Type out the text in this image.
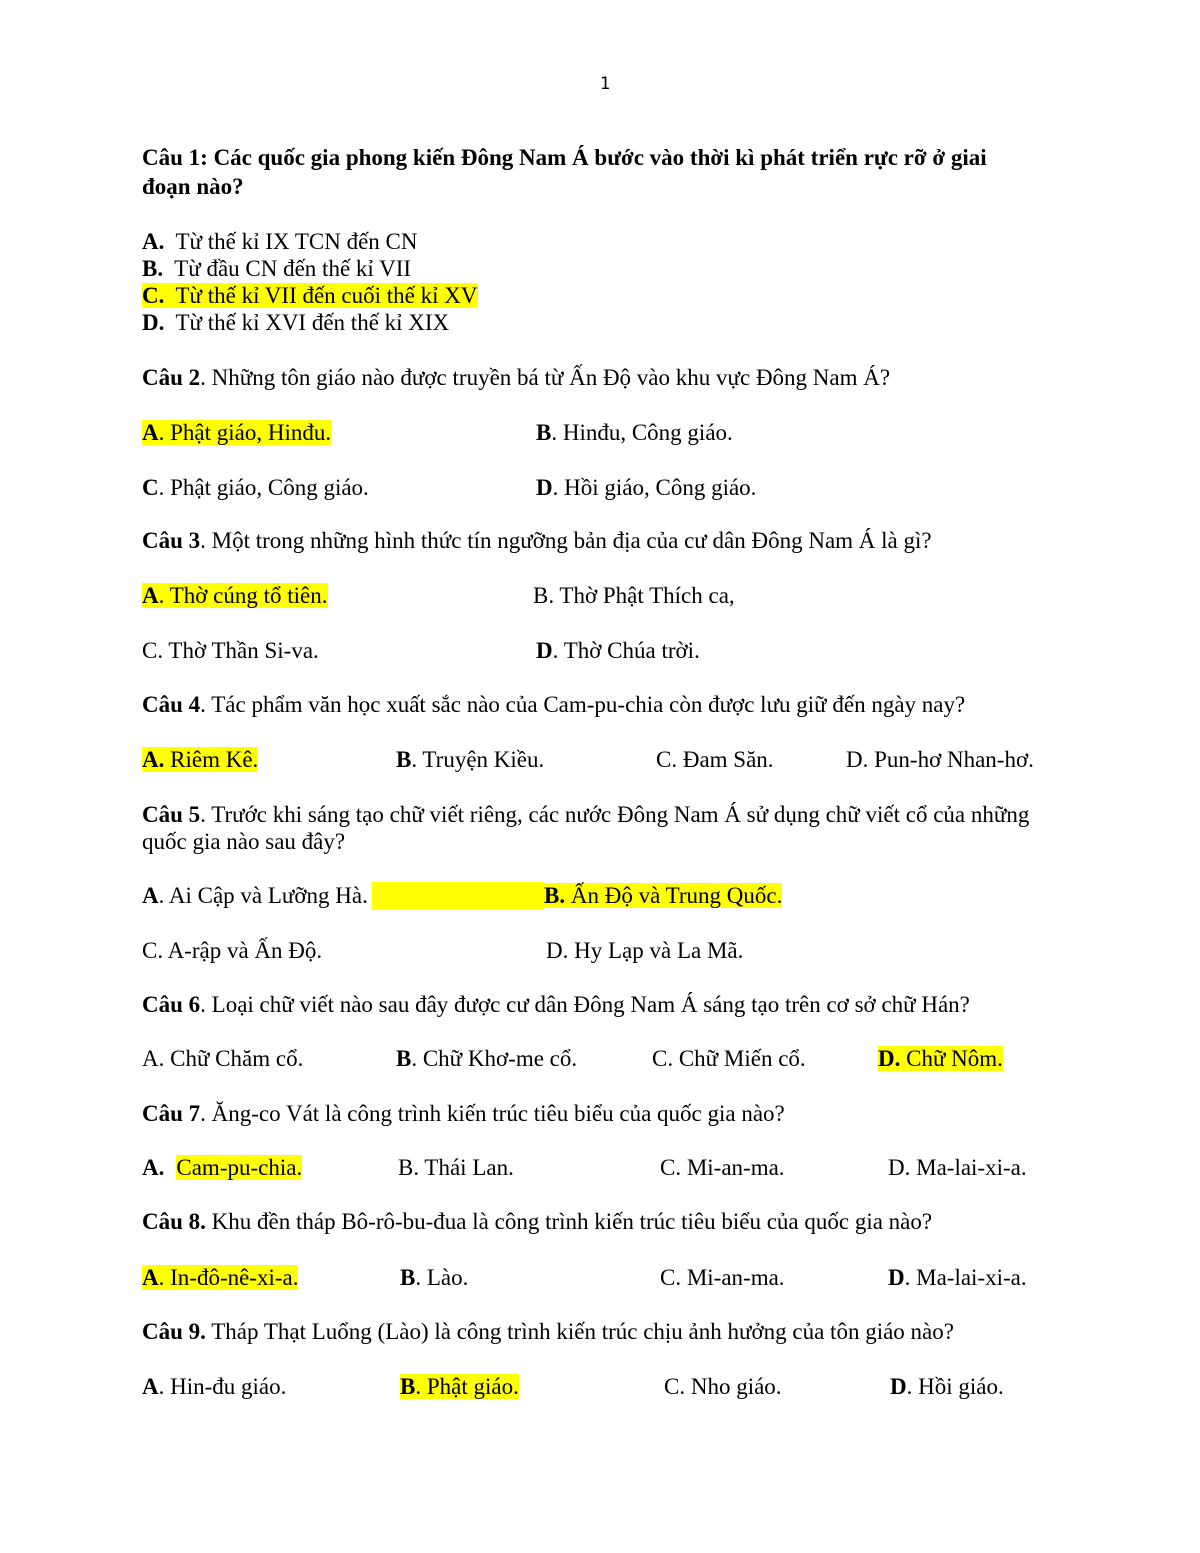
1
Câu 1: Các quốc gia phong kiến Đông Nam Á bước vào thời kì phát triển rực rỡ ở giai
đoạn nào?
A.  Từ thế kỉ IX TCN đến CN
B.  Từ đầu CN đến thế kỉ VII
C.  Từ thế kỉ VII đến cuối thế kỉ XV
D.  Từ thế kỉ XVI đến thế kỉ XIX
Câu 2. Những tôn giáo nào được truyền bá từ Ấn Độ vào khu vực Đông Nam Á?
A. Phật giáo, Hinđu.	B. Hinđu, Công giáo.
C. Phật giáo, Công giáo.	D. Hồi giáo, Công giáo.
Câu 3. Một trong những hình thức tín ngưỡng bản địa của cư dân Đông Nam Á là gì?
A. Thờ cúng tổ tiên.	B. Thờ Phật Thích ca,
C. Thờ Thần Si-va.	D. Thờ Chúa trời.
Câu 4. Tác phẩm văn học xuất sắc nào của Cam-pu-chia còn được lưu giữ đến ngày nay?
A. Riêm Kê.	B. Truyện Kiều.	C. Đam Săn.	D. Pun-hơ Nhan-hơ.
Câu 5. Trước khi sáng tạo chữ viết riêng, các nước Đông Nam Á sử dụng chữ viết cổ của những
quốc gia nào sau đây?
A. Ai Cập và Lưỡng Hà.	B. Ấn Độ và Trung Quốc.
C. A-rập và Ấn Độ.	D. Hy Lạp và La Mã.
Câu 6. Loại chữ viết nào sau đây được cư dân Đông Nam Á sáng tạo trên cơ sở chữ Hán?
A. Chữ Chăm cổ.	B. Chữ Khơ-me cổ.	C. Chữ Miến cổ.	D. Chữ Nôm.
Câu 7. Ăng-co Vát là công trình kiến trúc tiêu biểu của quốc gia nào?
A. Cam-pu-chia.	B. Thái Lan.	C. Mi-an-ma.	D. Ma-lai-xi-a.
Câu 8. Khu đền tháp Bô-rô-bu-đua là công trình kiến trúc tiêu biểu của quốc gia nào?
A. In-đô-nê-xi-a.	B. Lào.	C. Mi-an-ma.	D. Ma-lai-xi-a.
Câu 9. Tháp Thạt Luổng (Lào) là công trình kiến trúc chịu ảnh hưởng của tôn giáo nào?
A. Hin-đu giáo.	B. Phật giáo.	C. Nho giáo.	D. Hồi giáo.
